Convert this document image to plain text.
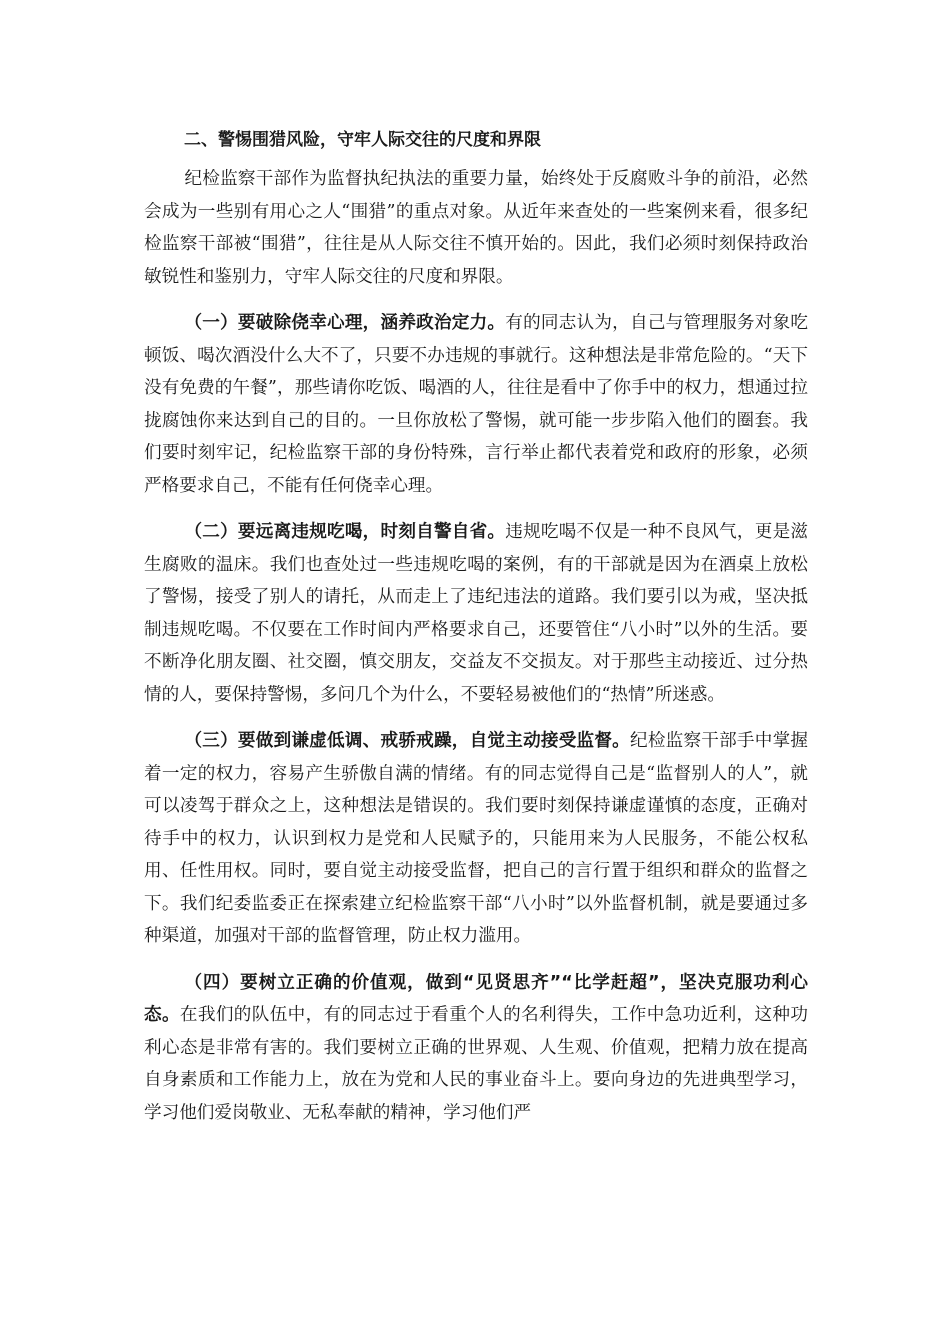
二、警惕围猎风险，守牢人际交往的尺度和界限

纪检监察干部作为监督执纪执法的重要力量，始终处于反腐败斗争的前沿，必然会成为一些别有用心之人“围猎”的重点对象。从近年来查处的一些案例来看，很多纪检监察干部被“围猎”，往往是从人际交往不慎开始的。因此，我们必须时刻保持政治敏锐性和鉴别力，守牢人际交往的尺度和界限。

（一）要破除侥幸心理，涵养政治定力。有的同志认为，自己与管理服务对象吃顿饭、喝次酒没什么大不了，只要不办违规的事就行。这种想法是非常危险的。“天下没有免费的午餐”，那些请你吃饭、喝酒的人，往往是看中了你手中的权力，想通过拉拢腐蚀你来达到自己的目的。一旦你放松了警惕，就可能一步步陷入他们的圈套。我们要时刻牢记，纪检监察干部的身份特殊，言行举止都代表着党和政府的形象，必须严格要求自己，不能有任何侥幸心理。

（二）要远离违规吃喝，时刻自警自省。违规吃喝不仅是一种不良风气，更是滋生腐败的温床。我们也查处过一些违规吃喝的案例，有的干部就是因为在酒桌上放松了警惕，接受了别人的请托，从而走上了违纪违法的道路。我们要引以为戒，坚决抵制违规吃喝。不仅要在工作时间内严格要求自己，还要管住“八小时”以外的生活。要不断净化朋友圈、社交圈，慎交朋友，交益友不交损友。对于那些主动接近、过分热情的人，要保持警惕，多问几个为什么，不要轻易被他们的“热情”所迷惑。

（三）要做到谦虚低调、戒骄戒躁，自觉主动接受监督。纪检监察干部手中掌握着一定的权力，容易产生骄傲自满的情绪。有的同志觉得自己是“监督别人的人”，就可以凌驾于群众之上，这种想法是错误的。我们要时刻保持谦虚谨慎的态度，正确对待手中的权力，认识到权力是党和人民赋予的，只能用来为人民服务，不能公权私用、任性用权。同时，要自觉主动接受监督，把自己的言行置于组织和群众的监督之下。我们纪委监委正在探索建立纪检监察干部“八小时”以外监督机制，就是要通过多种渠道，加强对干部的监督管理，防止权力滥用。

（四）要树立正确的价值观，做到“见贤思齐”“比学赶超”，坚决克服功利心态。在我们的队伍中，有的同志过于看重个人的名利得失，工作中急功近利，这种功利心态是非常有害的。我们要树立正确的世界观、人生观、价值观，把精力放在提高自身素质和工作能力上，放在为党和人民的事业奋斗上。要向身边的先进典型学习，学习他们爱岗敬业、无私奉献的精神，学习他们严
